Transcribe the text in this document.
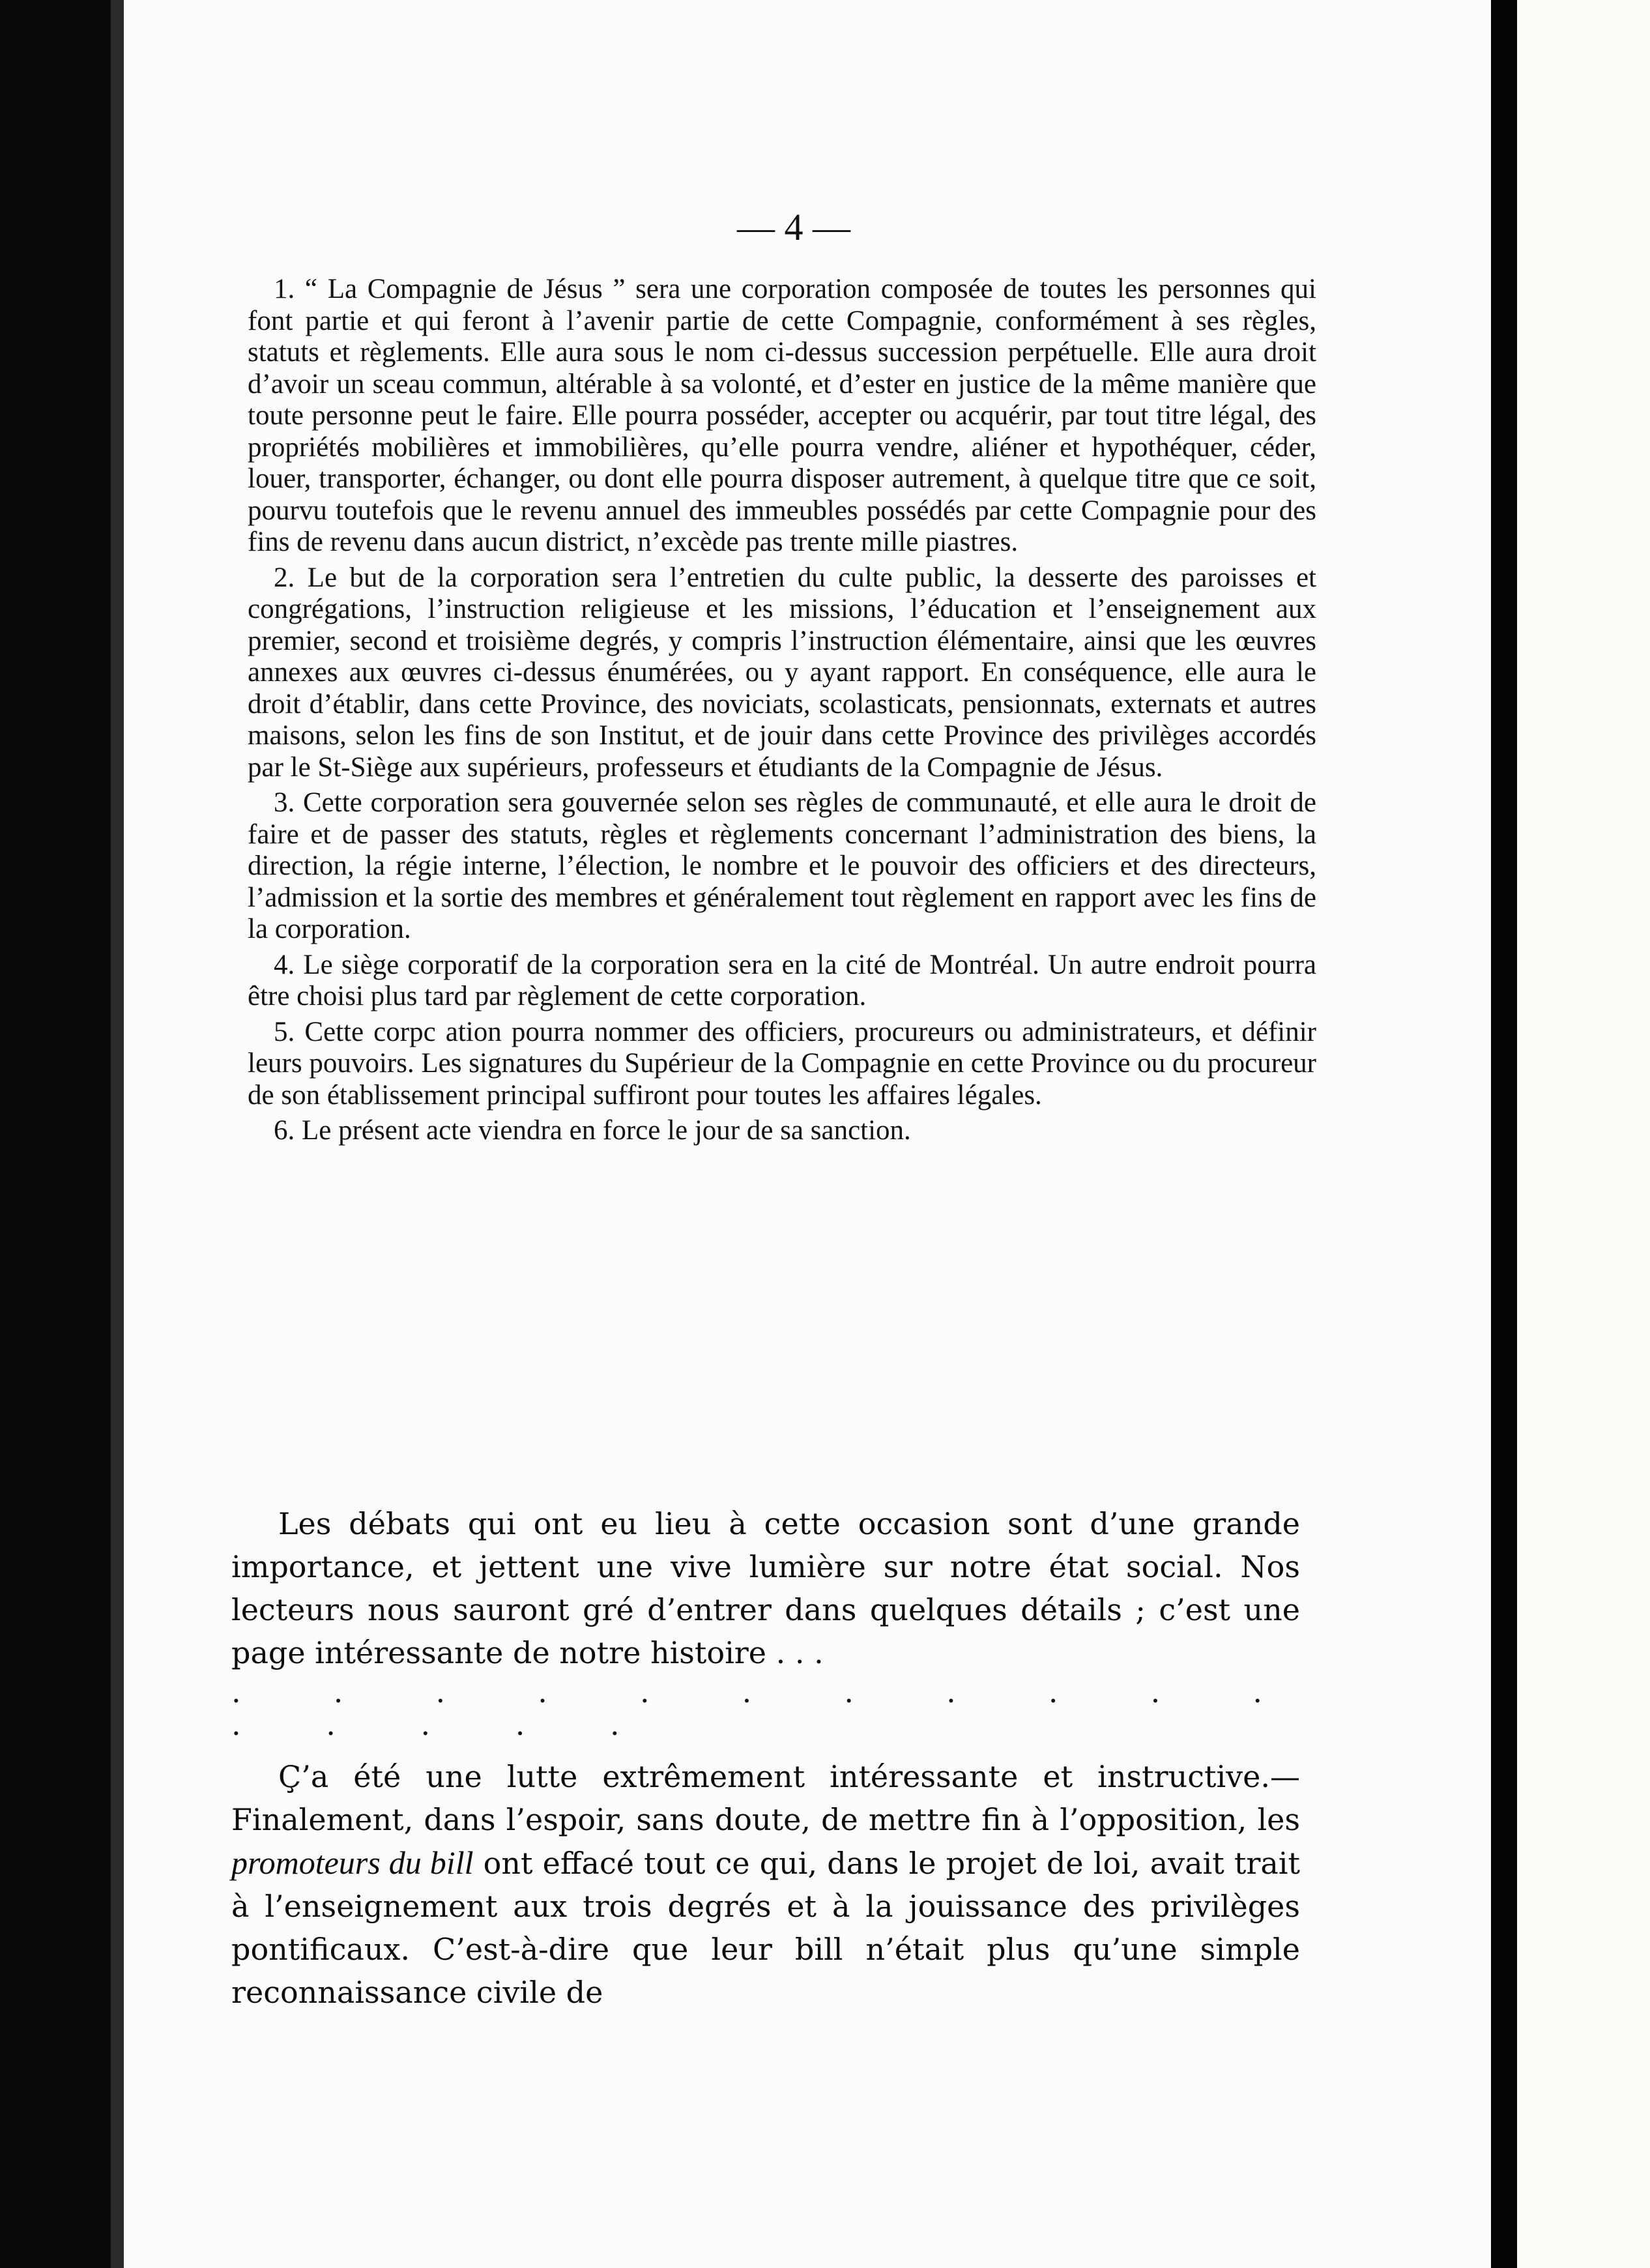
— 4 —

1. “ La Compagnie de Jésus ” sera une corporation composée de toutes les personnes qui font partie et qui feront à l’avenir partie de cette Compagnie, conformément à ses règles, statuts et règlements. Elle aura sous le nom ci-dessus succession perpétuelle. Elle aura droit d’avoir un sceau commun, altérable à sa volonté, et d’ester en justice de la même manière que toute personne peut le faire. Elle pourra posséder, accepter ou acquérir, par tout titre légal, des propriétés mobilières et immobilières, qu’elle pourra vendre, aliéner et hypothéquer, céder, louer, transporter, échanger, ou dont elle pourra disposer autrement, à quelque titre que ce soit, pourvu toutefois que le revenu annuel des immeubles possédés par cette Compagnie pour des fins de revenu dans aucun district, n’excède pas trente mille piastres.

2. Le but de la corporation sera l’entretien du culte public, la desserte des paroisses et congrégations, l’instruction religieuse et les missions, l’éducation et l’enseignement aux premier, second et troisième degrés, y compris l’instruction élémentaire, ainsi que les œuvres annexes aux œuvres ci-dessus énumérées, ou y ayant rapport. En conséquence, elle aura le droit d’établir, dans cette Province, des noviciats, scolasticats, pensionnats, externats et autres maisons, selon les fins de son Institut, et de jouir dans cette Province des privilèges accordés par le St-Siège aux supérieurs, professeurs et étudiants de la Compagnie de Jésus.

3. Cette corporation sera gouvernée selon ses règles de communauté, et elle aura le droit de faire et de passer des statuts, règles et règlements concernant l’administration des biens, la direction, la régie interne, l’élection, le nombre et le pouvoir des officiers et des directeurs, l’admission et la sortie des membres et généralement tout règlement en rapport avec les fins de la corporation.

4. Le siège corporatif de la corporation sera en la cité de Montréal. Un autre endroit pourra être choisi plus tard par règlement de cette corporation.

5. Cette corpc ation pourra nommer des officiers, procureurs ou administrateurs, et définir leurs pouvoirs. Les signatures du Supérieur de la Compagnie en cette Province ou du procureur de son établissement principal suffiront pour toutes les affaires légales.

6. Le présent acte viendra en force le jour de sa sanction.

Les débats qui ont eu lieu à cette occasion sont d’une grande importance, et jettent une vive lumière sur notre état social. Nos lecteurs nous sauront gré d’entrer dans quelques détails ; c’est une page intéressante de notre histoire . . .

. . . . . . . . . . . . . . . .

Ç’a été une lutte extrêmement intéressante et instructive.— Finalement, dans l’espoir, sans doute, de mettre fin à l’opposition, les promoteurs du bill ont effacé tout ce qui, dans le projet de loi, avait trait à l’enseignement aux trois degrés et à la jouissance des privilèges pontificaux. C’est-à-dire que leur bill n’était plus qu’une simple reconnaissance civile de
